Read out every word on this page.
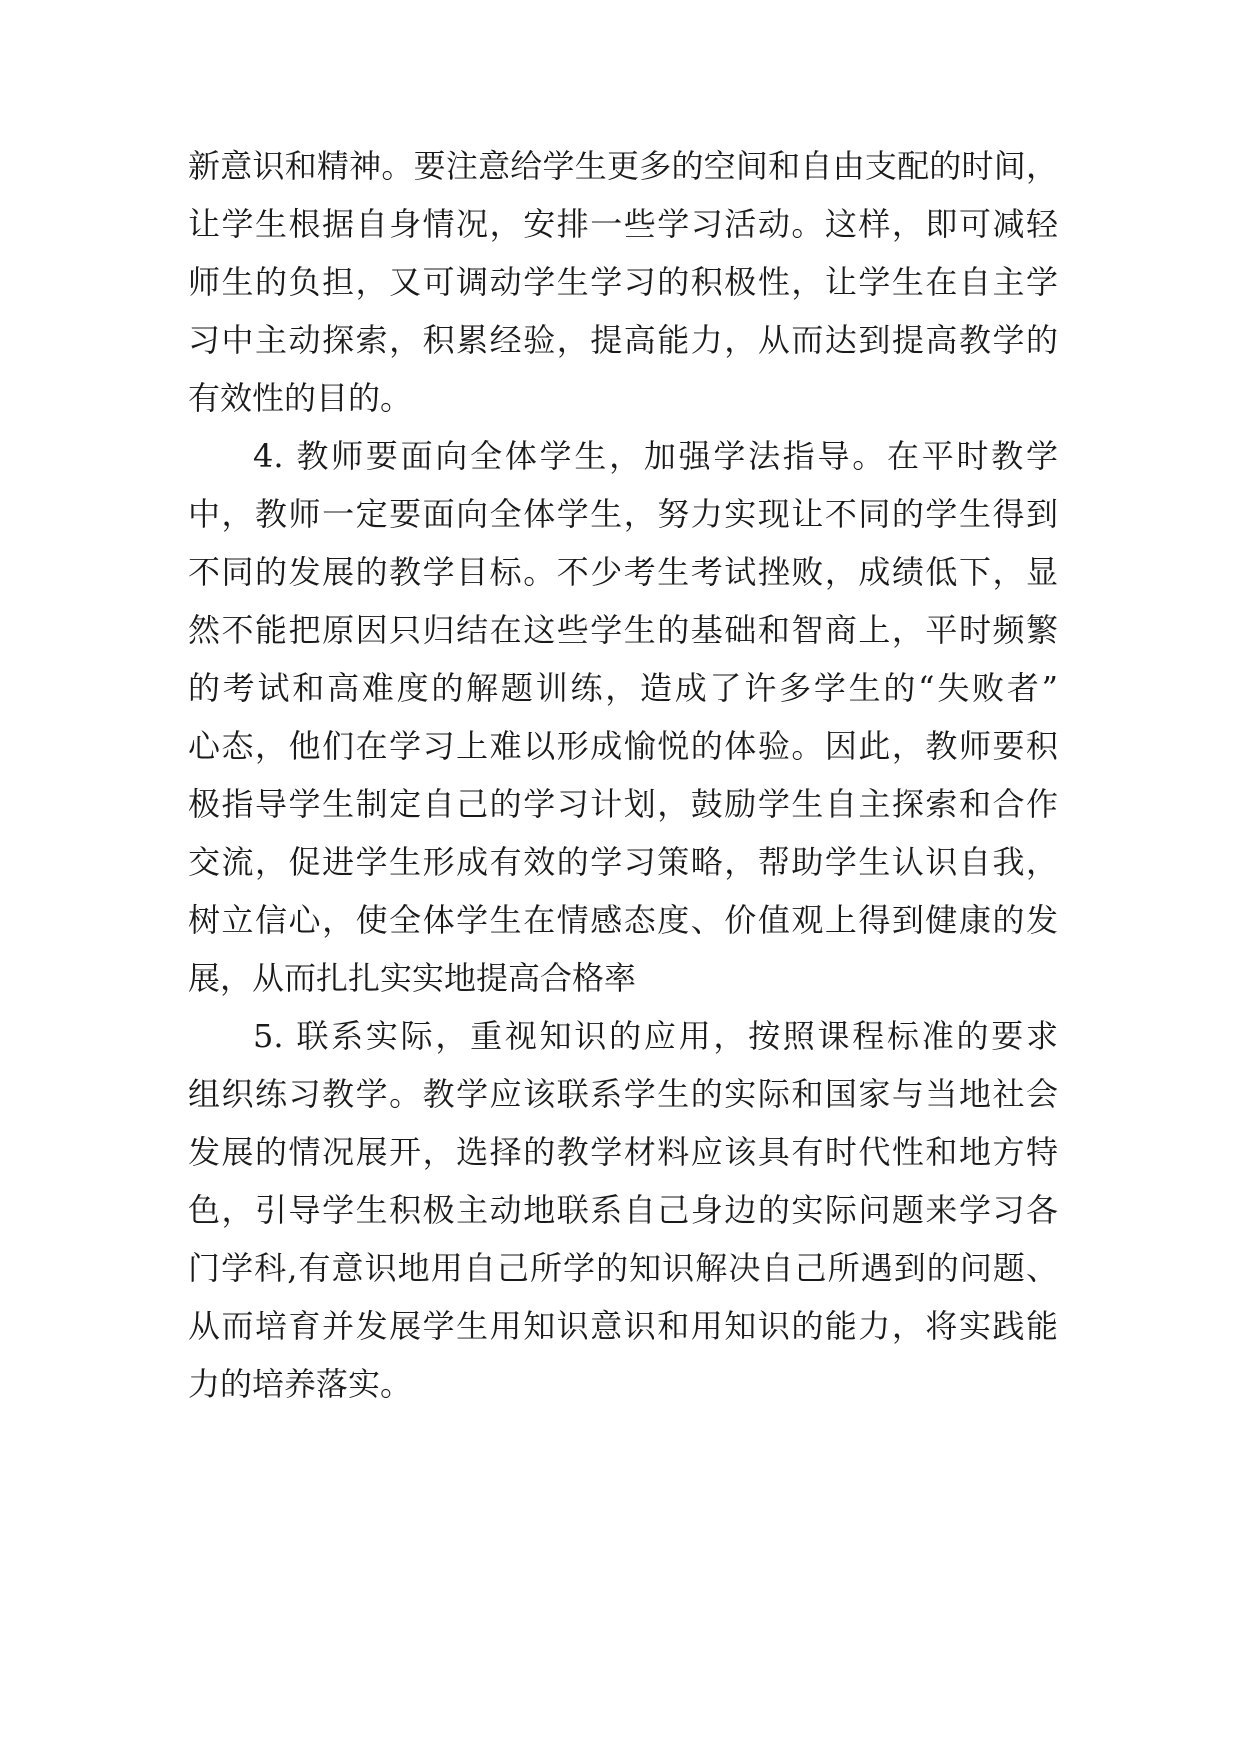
新意识和精神。要注意给学生更多的空间和自由支配的时间，
让学生根据自身情况，安排一些学习活动。这样，即可减轻
师生的负担，又可调动学生学习的积极性，让学生在自主学
习中主动探索，积累经验，提高能力，从而达到提高教学的
有效性的目的。
4. 教师要面向全体学生，加强学法指导。在平时教学
中，教师一定要面向全体学生，努力实现让不同的学生得到
不同的发展的教学目标。不少考生考试挫败，成绩低下，显
然不能把原因只归结在这些学生的基础和智商上，平时频繁
的考试和高难度的解题训练，造成了许多学生的“失败者”
心态，他们在学习上难以形成愉悦的体验。因此，教师要积
极指导学生制定自己的学习计划，鼓励学生自主探索和合作
交流，促进学生形成有效的学习策略，帮助学生认识自我，
树立信心，使全体学生在情感态度、价值观上得到健康的发
展，从而扎扎实实地提高合格率
5. 联系实际，重视知识的应用，按照课程标准的要求
组织练习教学。教学应该联系学生的实际和国家与当地社会
发展的情况展开，选择的教学材料应该具有时代性和地方特
色，引导学生积极主动地联系自己身边的实际问题来学习各
门学科,有意识地用自己所学的知识解决自己所遇到的问题、
从而培育并发展学生用知识意识和用知识的能力，将实践能
力的培养落实。
